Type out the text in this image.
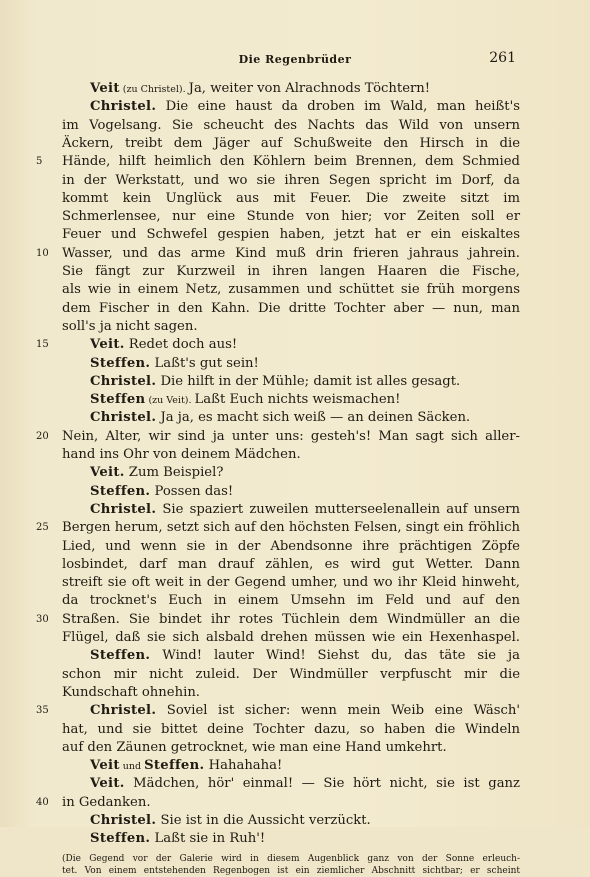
Die Regenbrüder	261
Veit (zu Christel). Ja, weiter von Alrachnods Töchtern!
Christel. Die eine haust da droben im Wald, man heißt's
im Vogelsang. Sie scheucht des Nachts das Wild von unsern
Äckern, treibt dem Jäger auf Schußweite den Hirsch in die
Hände, hilft heimlich den Köhlern beim Brennen, dem Schmied
5
in der Werkstatt, und wo sie ihren Segen spricht im Dorf, da
kommt kein Unglück aus mit Feuer. Die zweite sitzt im
Schmerlensee, nur eine Stunde von hier; vor Zeiten soll er
Feuer und Schwefel gespien haben, jetzt hat er ein eiskaltes
Wasser, und das arme Kind muß drin frieren jahraus jahrein.
10
Sie fängt zur Kurzweil in ihren langen Haaren die Fische,
als wie in einem Netz, zusammen und schüttet sie früh morgens
dem Fischer in den Kahn. Die dritte Tochter aber — nun, man
soll's ja nicht sagen.
Veit. Redet doch aus!
15
Steffen. Laßt's gut sein!
Christel. Die hilft in der Mühle; damit ist alles gesagt.
Steffen (zu Veit). Laßt Euch nichts weismachen!
Christel. Ja ja, es macht sich weiß — an deinen Säcken.
Nein, Alter, wir sind ja unter uns: gesteh's! Man sagt sich aller-
20
hand ins Ohr von deinem Mädchen.
Veit. Zum Beispiel?
Steffen. Possen das!
Christel. Sie spaziert zuweilen mutterseelenallein auf unsern
Bergen herum, setzt sich auf den höchsten Felsen, singt ein fröhlich
25
Lied, und wenn sie in der Abendsonne ihre prächtigen Zöpfe
losbindet, darf man drauf zählen, es wird gut Wetter. Dann
streift sie oft weit in der Gegend umher, und wo ihr Kleid hinweht,
da trocknet's Euch in einem Umsehn im Feld und auf den
Straßen. Sie bindet ihr rotes Tüchlein dem Windmüller an die
30
Flügel, daß sie sich alsbald drehen müssen wie ein Hexenhaspel.
Steffen. Wind! lauter Wind! Siehst du, das täte sie ja
schon mir nicht zuleid. Der Windmüller verpfuscht mir die
Kundschaft ohnehin.
Christel. Soviel ist sicher: wenn mein Weib eine Wäsch'
35
hat, und sie bittet deine Tochter dazu, so haben die Windeln
auf den Zäunen getrocknet, wie man eine Hand umkehrt.
Veit und Steffen. Hahahaha!
Veit. Mädchen, hör' einmal! — Sie hört nicht, sie ist ganz
in Gedanken.
40
Christel. Sie ist in die Aussicht verzückt.
Steffen. Laßt sie in Ruh'!
(Die Gegend vor der Galerie wird in diesem Augenblick ganz von der Sonne erleuch-
tet. Von einem entstehenden Regenbogen ist ein ziemlicher Abschnitt sichtbar; er scheint
